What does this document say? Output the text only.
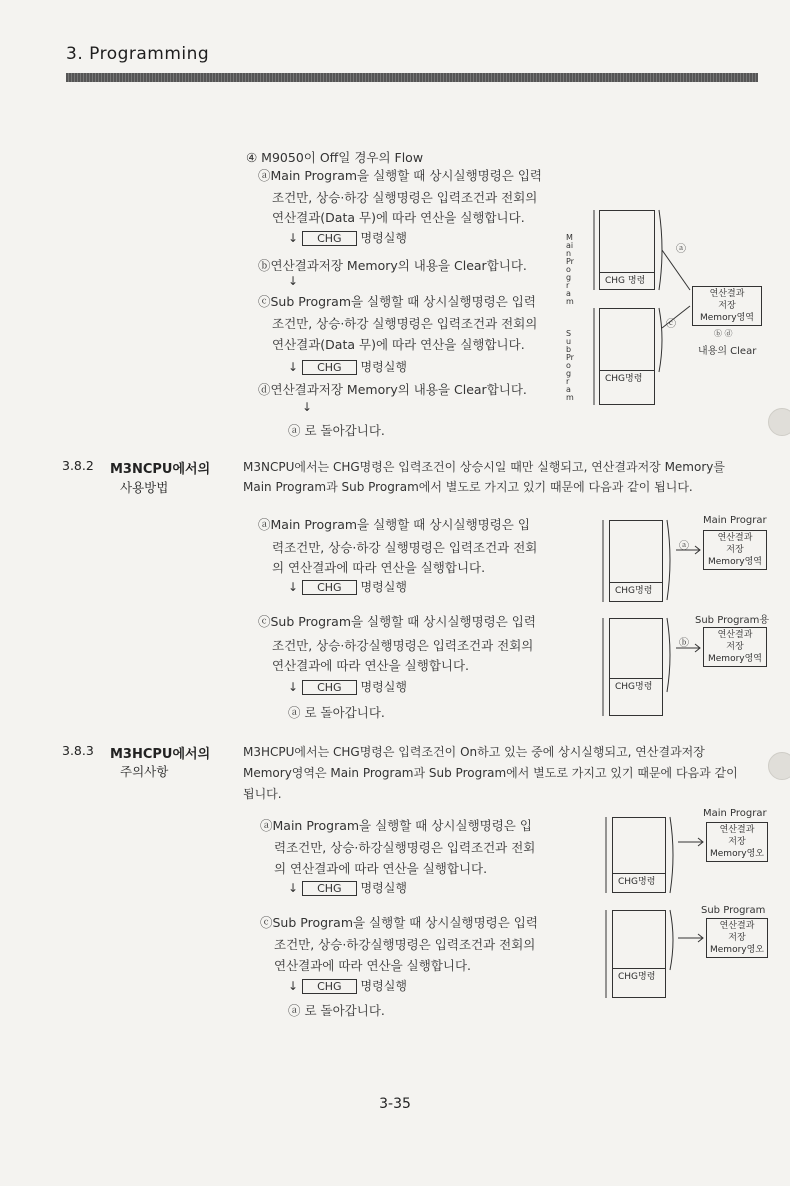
3. Programming
④ M9050이 Off일 경우의 Flow
ⓐMain Program을 실행할 때 상시실행명령은 입력
조건만, 상승·하강 실행명령은 입력조건과 전회의
연산결과(Data 무)에 따라 연산을 실행합니다.
↓ CHG 명령실행
ⓑ연산결과저장 Memory의 내용을 Clear합니다.
↓
ⓒSub Program을 실행할 때 상시실행명령은 입력
조건만, 상승·하강 실행명령은 입력조건과 전회의
연산결과(Data 무)에 따라 연산을 실행합니다.
↓ CHG 명령실행
ⓓ연산결과저장 Memory의 내용을 Clear합니다.
↓
ⓐ 로 돌아갑니다.
Main Program
Sub Program
CHG 명령
CHG명령
연산결과
저장
Memory영역
ⓐ
ⓒ
ⓑ ⓓ
내용의 Clear
3.8.2 M3NCPU에서의
사용방법
M3NCPU에서는 CHG명령은 입력조건이 상승시일 때만 실행되고, 연산결과저장 Memory를
Main Program과 Sub Program에서 별도로 가지고 있기 때문에 다음과 같이 됩니다.
ⓐMain Program을 실행할 때 상시실행명령은 입
력조건만, 상승·하강 실행명령은 입력조건과 전회
의 연산결과에 따라 연산을 실행합니다.
↓ CHG 명령실행
ⓒSub Program을 실행할 때 상시실행명령은 입력
조건만, 상승·하강실행명령은 입력조건과 전회의
연산결과에 따라 연산을 실행합니다.
↓ CHG 명령실행
ⓐ 로 돌아갑니다.
CHG명령
CHG명령
Main Prograr
Sub Program용
연산결과
저장
Memory영역
연산결과
저장
Memory영역
ⓐ
ⓑ
3.8.3 M3HCPU에서의
주의사항
M3HCPU에서는 CHG명령은 입력조건이 On하고 있는 중에 상시실행되고, 연산결과저장
Memory영역은 Main Program과 Sub Program에서 별도로 가지고 있기 때문에 다음과 같이
됩니다.
ⓐMain Program을 실행할 때 상시실행명령은 입
력조건만, 상승·하강실행명령은 입력조건과 전회
의 연산결과에 따라 연산을 실행합니다.
↓ CHG 명령실행
ⓒSub Program을 실행할 때 상시실행명령은 입력
조건만, 상승·하강실행명령은 입력조건과 전회의
연산결과에 따라 연산을 실행합니다.
↓ CHG 명령실행
ⓐ 로 돌아갑니다.
CHG명령
CHG명령
Main Prograr
Sub Program
연산결과
저장
Memory영오
연산결과
저장
Memory영오
3-35
